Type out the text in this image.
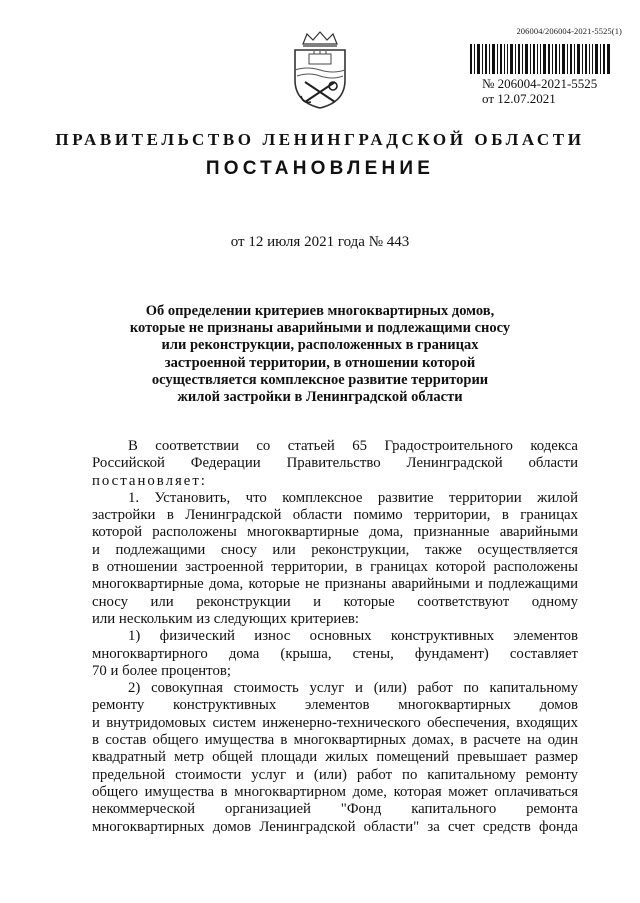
206004/206004-2021-5525(1)
№ 206004-2021-5525
от 12.07.2021
ПРАВИТЕЛЬСТВО ЛЕНИНГРАДСКОЙ ОБЛАСТИ
ПОСТАНОВЛЕНИЕ
от 12 июля 2021 года № 443
Об определении критериев многоквартирных домов,
которые не признаны аварийными и подлежащими сносу
или реконструкции, расположенных в границах
застроенной территории, в отношении которой
осуществляется комплексное развитие территории
жилой застройки в Ленинградской области
В соответствии со статьей 65 Градостроительного кодекса
Российской Федерации Правительство Ленинградской области
постановляет:
1. Установить, что комплексное развитие территории жилой
застройки в Ленинградской области помимо территории, в границах
которой расположены многоквартирные дома, признанные аварийными
и подлежащими сносу или реконструкции, также осуществляется
в отношении застроенной территории, в границах которой расположены
многоквартирные дома, которые не признаны аварийными и подлежащими
сносу или реконструкции и которые соответствуют одному
или нескольким из следующих критериев:
1) физический износ основных конструктивных элементов
многоквартирного дома (крыша, стены, фундамент) составляет
70 и более процентов;
2) совокупная стоимость услуг и (или) работ по капитальному
ремонту конструктивных элементов многоквартирных домов
и внутридомовых систем инженерно-технического обеспечения, входящих
в состав общего имущества в многоквартирных домах, в расчете на один
квадратный метр общей площади жилых помещений превышает размер
предельной стоимости услуг и (или) работ по капитальному ремонту
общего имущества в многоквартирном доме, которая может оплачиваться
некоммерческой организацией "Фонд капитального ремонта
многоквартирных домов Ленинградской области" за счет средств фонда
